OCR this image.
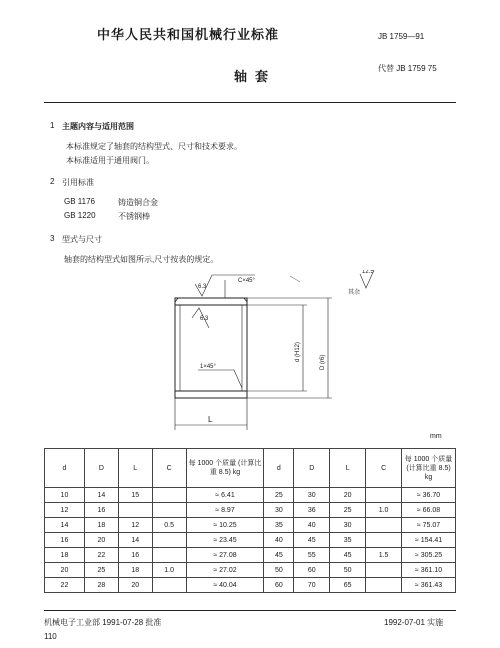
中华人民共和国机械行业标准	JB 1759—91
轴套
代替 JB 1759 75
1 主题内容与适用范围
本标准规定了轴套的结构型式、尺寸和技术要求。
本标准适用于通用阀门。
2 引用标准
GB 1176	铸造铜合金
GB 1220	不锈钢棒
3 型式与尺寸
轴套的结构型式如图所示,尺寸按表的规定。
6.3
C×45°
6.3
1×45°
L
d (H12)
D (r6)
12.5
其余
mm
d	D	L	C	每 1000 个质量 (计算比重 8.5) kg	d	D	L	C	每 1000 个质量 (计算比重 8.5) kg
10	14	15		≈ 6.41	25	30	20		≈ 36.70
12	16			≈ 8.97	30	36	25	1.0	≈ 66.08
14	18	12	0.5	≈ 10.25	35	40	30		≈ 75.07
16	20	14		≈ 23.45	40	45	35		≈ 154.41
18	22	16		≈ 27.08	45	55	45	1.5	≈ 305.25
20	25	18	1.0	≈ 27.02	50	60	50		≈ 361.10
22	28	20		≈ 40.04	60	70	65		≈ 361.43
机械电子工业部 1991-07-28 批准	1992-07-01 实施
110
